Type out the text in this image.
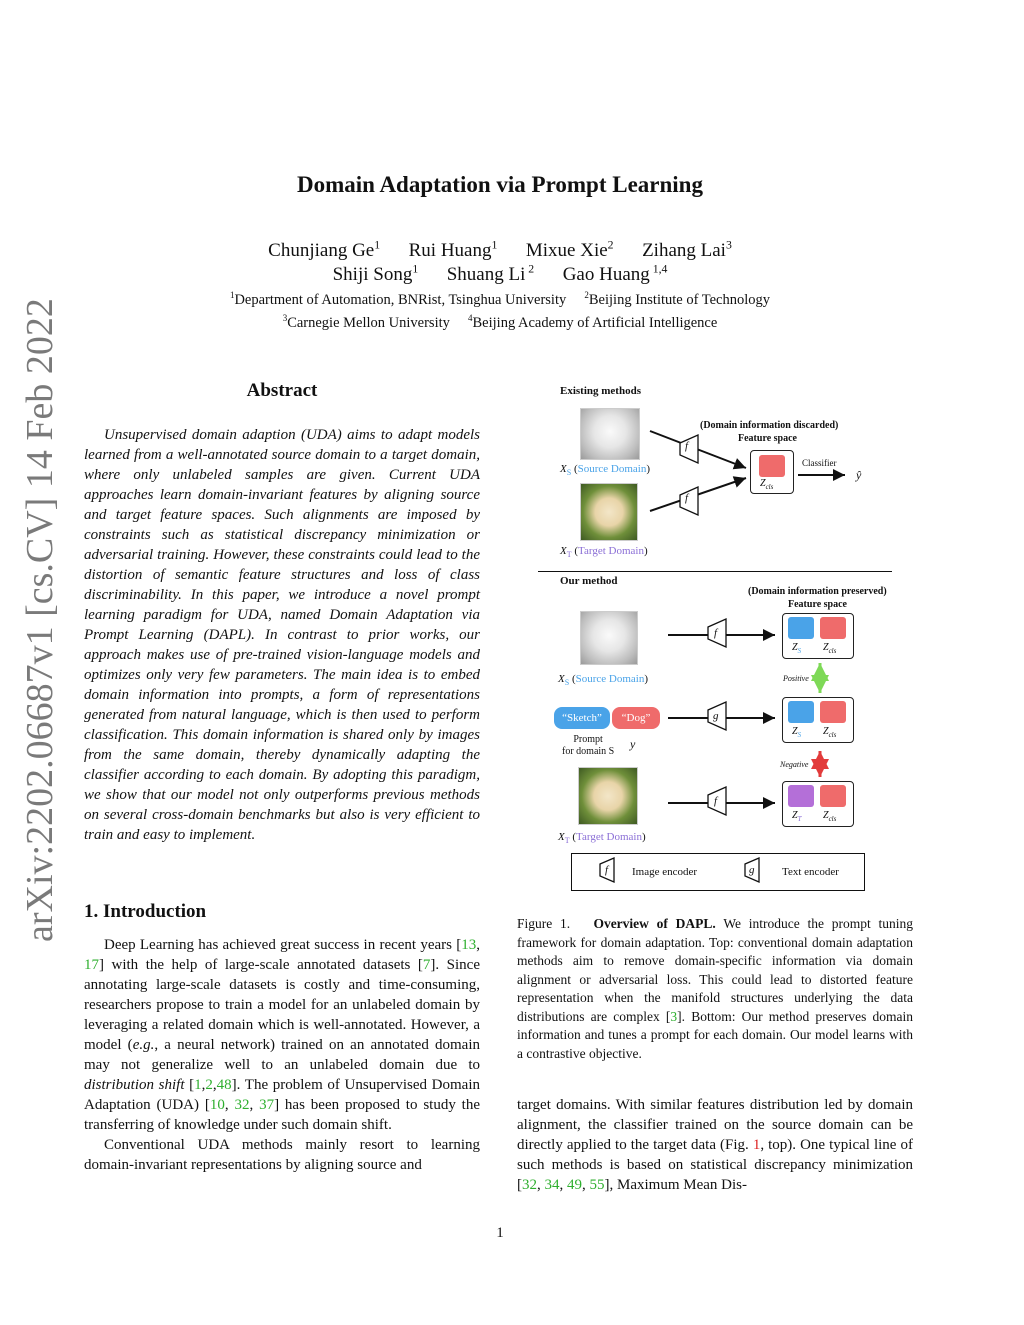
arXiv:2202.06687v1 [cs.CV] 14 Feb 2022
Domain Adaptation via Prompt Learning
Chunjiang Ge$^1$ Rui Huang$^1$ Mixue Xie$^2$ Zihang Lai$^3$
Shiji Song$^1$ Shuang Li $^2$ Gao Huang $^{1,4}$
$^1$Department of Automation, BNRist, Tsinghua University $^2$Beijing Institute of Technology
$^3$Carnegie Mellon University $^4$Beijing Academy of Artificial Intelligence
Abstract
Unsupervised domain adaption (UDA) aims to adapt models learned from a well-annotated source domain to a target domain, where only unlabeled samples are given. Current UDA approaches learn domain-invariant features by aligning source and target feature spaces. Such alignments are imposed by constraints such as statistical discrepancy minimization or adversarial training. However, these constraints could lead to the distortion of semantic feature structures and loss of class discriminability. In this paper, we introduce a novel prompt learning paradigm for UDA, named Domain Adaptation via Prompt Learning (DAPL). In contrast to prior works, our approach makes use of pre-trained vision-language models and optimizes only very few parameters. The main idea is to embed domain information into prompts, a form of representations generated from natural language, which is then used to perform classification. This domain information is shared only by images from the same domain, thereby dynamically adapting the classifier according to each domain. By adopting this paradigm, we show that our model not only outperforms previous methods on several cross-domain benchmarks but also is very efficient to train and easy to implement.
1. Introduction

Deep Learning has achieved great success in recent years [13, 17] with the help of large-scale annotated datasets [7]. Since annotating large-scale datasets is costly and time-consuming, researchers propose to train a model for an unlabeled domain by leveraging a related domain which is well-annotated. However, a model (e.g., a neural network) trained on an annotated domain may not generalize well to an unlabeled domain due to distribution shift [1,2,48]. The problem of Unsupervised Domain Adaptation (UDA) [10, 32, 37] has been proposed to study the transferring of knowledge under such domain shift.

Conventional UDA methods mainly resort to learning domain-invariant representations by aligning source and

target domains. With similar features distribution led by domain alignment, the classifier trained on the source domain can be directly applied to the target data (Fig. 1, top). One typical line of such methods is based on statistical discrepancy minimization [32, 34, 49, 55], Maximum Mean Dis-
Figure 1. Overview of DAPL. We introduce the prompt tuning framework for domain adaptation. Top: conventional domain adaptation methods aim to remove domain-specific information via domain alignment or adversarial loss. This could lead to distorted feature representation when the manifold structures underlying the data distributions are complex [3]. Bottom: Our method preserves domain information and tunes a prompt for each domain. Our model learns with a contrastive objective.
Existing methods
$X_S$ (Source Domain)
$X_T$ (Target Domain)
(Domain information discarded)
Feature space
f
f
$Z_{cls}$
Classifier
ŷ
Our method
(Domain information preserved)
Feature space
$X_S$ (Source Domain)
“Sketch”	“Dog”
Prompt
for domain S
y
$X_T$ (Target Domain)
f
g
f
$Z_S$ $Z_{cls}$
Positive
$Z_S$ $Z_{cls}$
Negative
$Z_T$ $Z_{cls}$
f Image encoder	g	Text encoder
1
